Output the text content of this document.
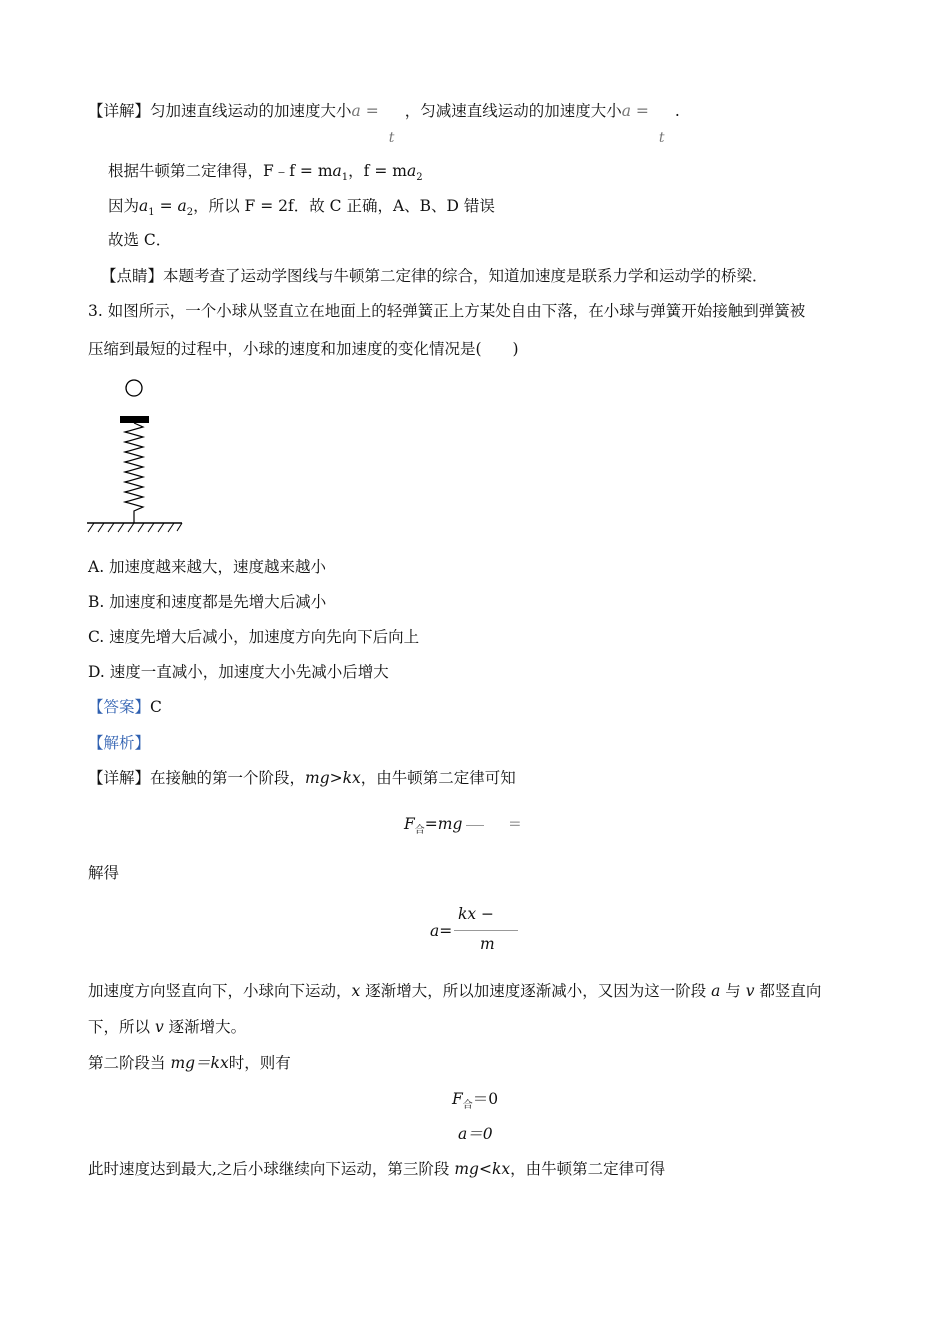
【详解】匀加速直线运动的加速度大小a =
t
，匀减速直线运动的加速度大小a =
t
.
根据牛顿第二定律得，F﹣f = $ma_1$，$f = ma_2$
因为$a_1 = a_2$，所以 F = 2f．故 C 正确，A、B、D 错误
故选 C．
【点睛】本题考查了运动学图线与牛顿第二定律的综合，知道加速度是联系力学和运动学的桥梁．
3. 如图所示，一个小球从竖直立在地面上的轻弹簧正上方某处自由下落，在小球与弹簧开始接触到弹簧被
压缩到最短的过程中，小球的速度和加速度的变化情况是(　　)
A. 加速度越来越大，速度越来越小
B. 加速度和速度都是先增大后减小
C. 速度先增大后减小，加速度方向先向下后向上
D. 速度一直减小，加速度大小先减小后增大
【答案】C
【解析】
【详解】在接触的第一个阶段，mg>kx，由牛顿第二定律可知
$F_合=mg$	=
解得
a=
kx −
m
加速度方向竖直向下，小球向下运动，x 逐渐增大，所以加速度逐渐减小，又因为这一阶段 a 与 v 都竖直向
下，所以 v 逐渐增大。
第二阶段当 mg＝kx时，则有
$F_合=0$
a＝0
此时速度达到最大,之后小球继续向下运动，第三阶段 mg<kx，由牛顿第二定律可得
